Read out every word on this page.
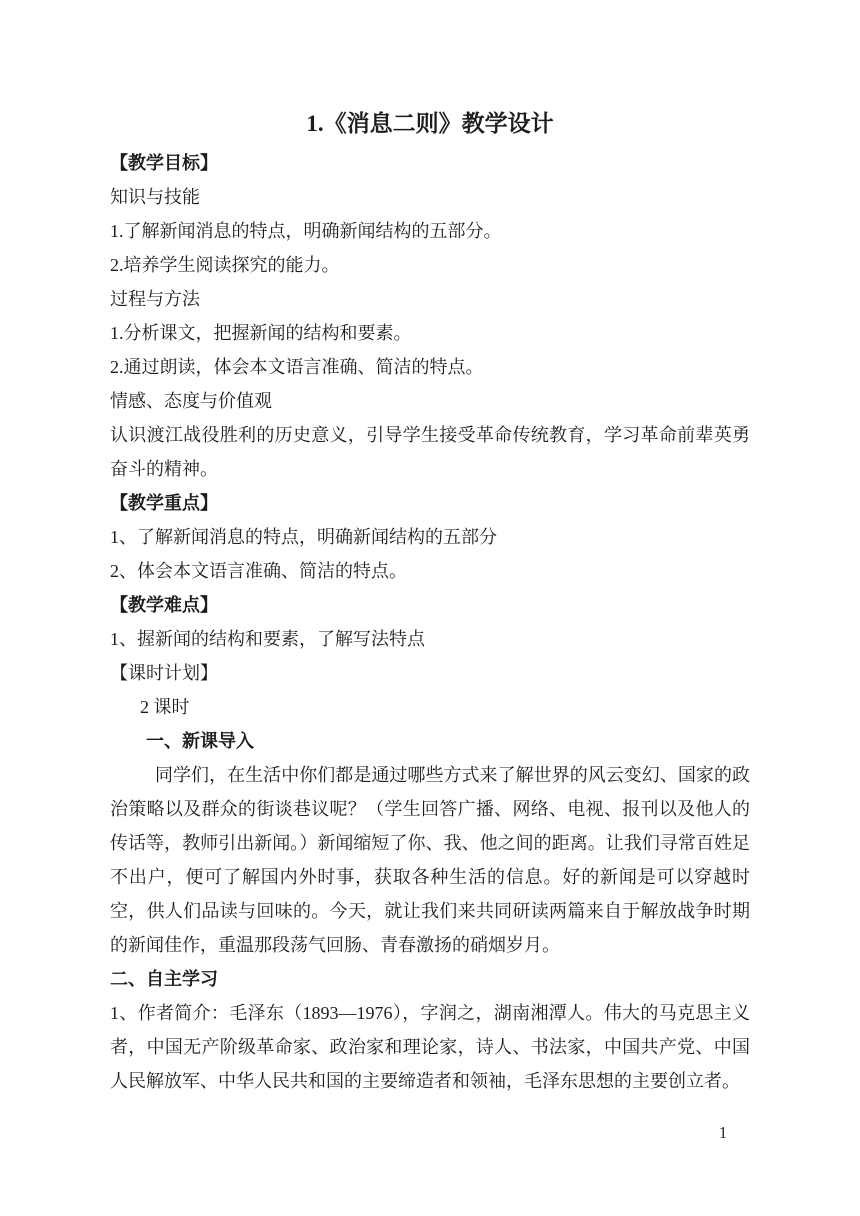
1.《消息二则》教学设计

【教学目标】

知识与技能

1.了解新闻消息的特点，明确新闻结构的五部分。

2.培养学生阅读探究的能力。

过程与方法

1.分析课文，把握新闻的结构和要素。

2.通过朗读，体会本文语言准确、简洁的特点。

情感、态度与价值观

认识渡江战役胜利的历史意义，引导学生接受革命传统教育，学习革命前辈英勇奋斗的精神。

【教学重点】

1、了解新闻消息的特点，明确新闻结构的五部分

2、体会本文语言准确、简洁的特点。

【教学难点】

1、握新闻的结构和要素，了解写法特点

【课时计划】

2 课时

一、新课导入

同学们，在生活中你们都是通过哪些方式来了解世界的风云变幻、国家的政治策略以及群众的街谈巷议呢？（学生回答广播、网络、电视、报刊以及他人的传话等，教师引出新闻。）新闻缩短了你、我、他之间的距离。让我们寻常百姓足不出户，便可了解国内外时事，获取各种生活的信息。好的新闻是可以穿越时空，供人们品读与回味的。今天，就让我们来共同研读两篇来自于解放战争时期的新闻佳作，重温那段荡气回肠、青春激扬的硝烟岁月。

二、自主学习

1、作者简介：毛泽东（1893—1976），字润之，湖南湘潭人。伟大的马克思主义者，中国无产阶级革命家、政治家和理论家，诗人、书法家，中国共产党、中国人民解放军、中华人民共和国的主要缔造者和领袖，毛泽东思想的主要创立者。

1
